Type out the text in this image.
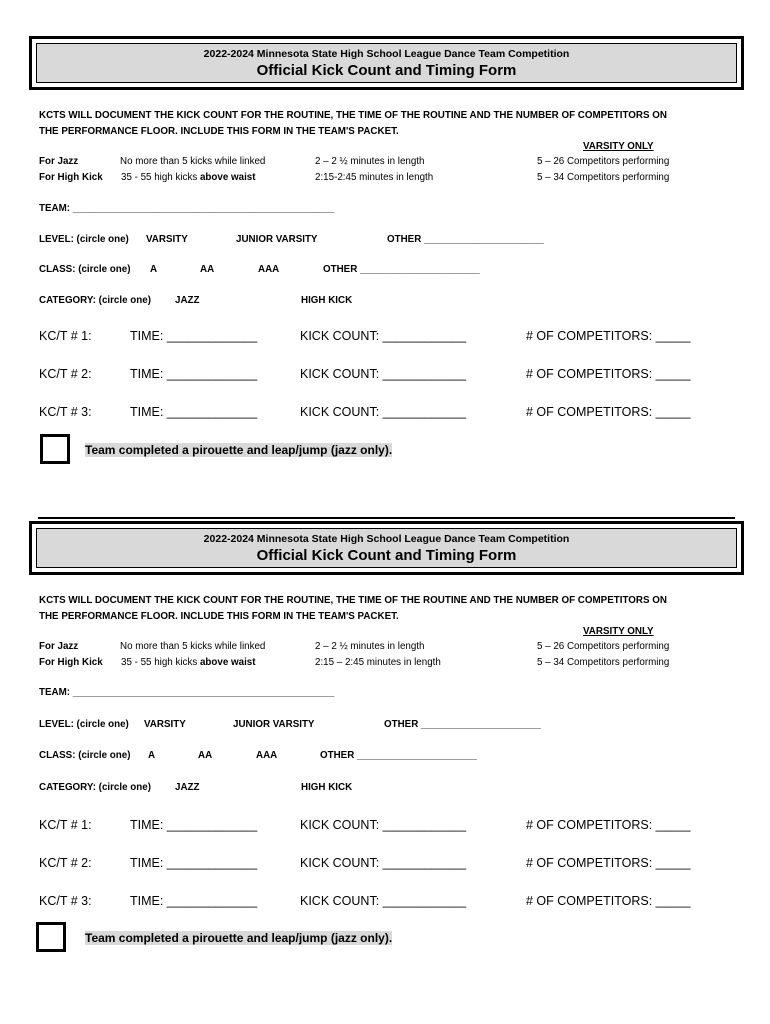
2022-2024 Minnesota State High School League Dance Team Competition
Official Kick Count and Timing Form
KCTS WILL DOCUMENT THE KICK COUNT FOR THE ROUTINE, THE TIME OF THE ROUTINE AND THE NUMBER OF COMPETITORS ON
THE PERFORMANCE FLOOR. INCLUDE THIS FORM IN THE TEAM'S PACKET.
VARSITY ONLY
For Jazz	No more than 5 kicks while linked	2 – 2 ½ minutes in length	5 – 26 Competitors performing
For High Kick 35 - 55 high kicks above waist	2:15-2:45 minutes in length	5 – 34 Competitors performing
TEAM: ________________________________________________
LEVEL: (circle one) VARSITY	JUNIOR VARSITY	OTHER ______________________
CLASS: (circle one) A	AA	AAA	OTHER ______________________
CATEGORY: (circle one) JAZZ	HIGH KICK
KC/T # 1:	TIME: _____________	KICK COUNT: ____________	# OF COMPETITORS: _____
KC/T # 2:	TIME: _____________	KICK COUNT: ____________	# OF COMPETITORS: _____
KC/T # 3:	TIME: _____________	KICK COUNT: ____________	# OF COMPETITORS: _____
Team completed a pirouette and leap/jump (jazz only).
2022-2024 Minnesota State High School League Dance Team Competition
Official Kick Count and Timing Form
KCTS WILL DOCUMENT THE KICK COUNT FOR THE ROUTINE, THE TIME OF THE ROUTINE AND THE NUMBER OF COMPETITORS ON
THE PERFORMANCE FLOOR. INCLUDE THIS FORM IN THE TEAM'S PACKET.
VARSITY ONLY
For Jazz	No more than 5 kicks while linked	2 – 2 ½ minutes in length	5 – 26 Competitors performing
For High Kick 35 - 55 high kicks above waist	2:15 – 2:45 minutes in length	5 – 34 Competitors performing
TEAM: ________________________________________________
LEVEL: (circle one) VARSITY	JUNIOR VARSITY	OTHER ______________________
CLASS: (circle one) A	AA	AAA	OTHER ______________________
CATEGORY: (circle one) JAZZ	HIGH KICK
KC/T # 1:	TIME: _____________	KICK COUNT: ____________	# OF COMPETITORS: _____
KC/T # 2:	TIME: _____________	KICK COUNT: ____________	# OF COMPETITORS: _____
KC/T # 3:	TIME: _____________	KICK COUNT: ____________	# OF COMPETITORS: _____
Team completed a pirouette and leap/jump (jazz only).
